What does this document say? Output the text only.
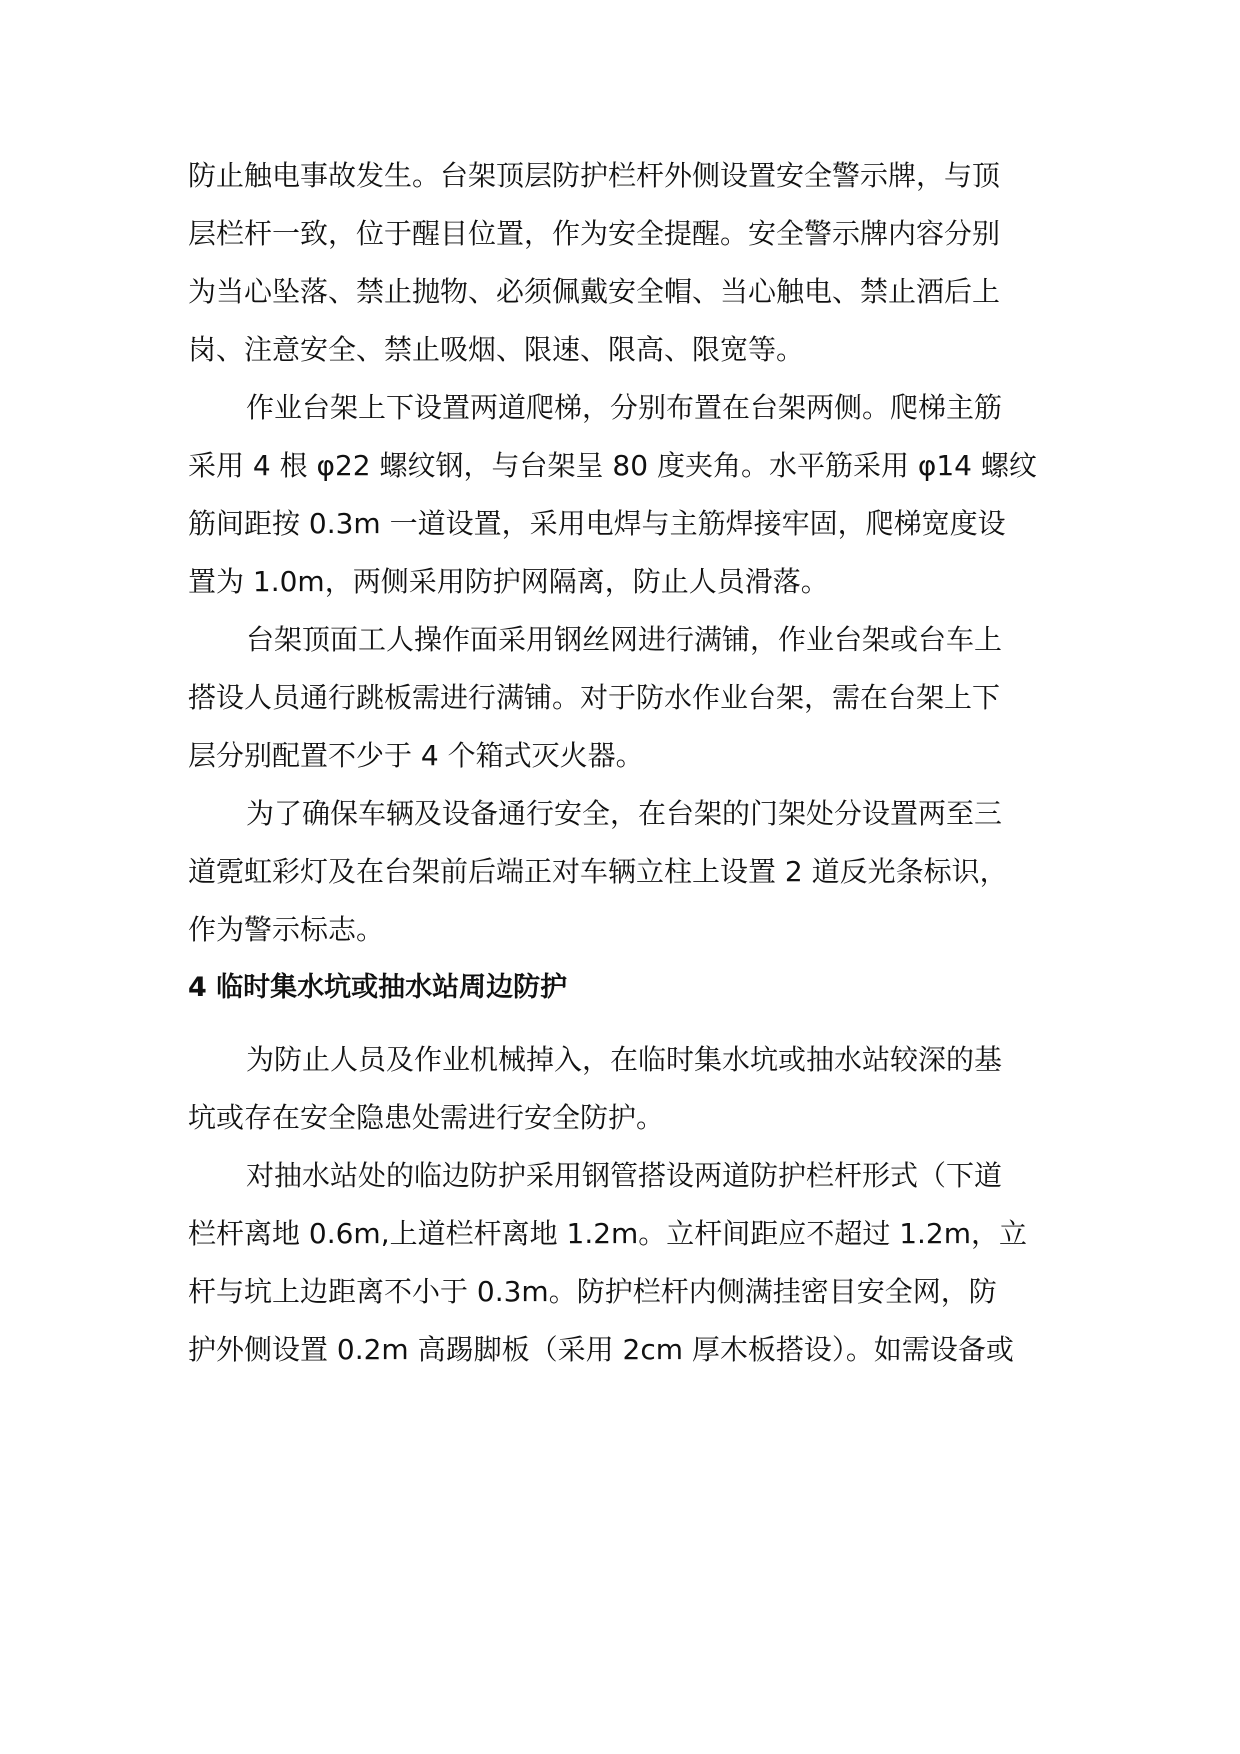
防止触电事故发生。台架顶层防护栏杆外侧设置安全警示牌，与顶
层栏杆一致，位于醒目位置，作为安全提醒。安全警示牌内容分别
为当心坠落、禁止抛物、必须佩戴安全帽、当心触电、禁止酒后上
岗、注意安全、禁止吸烟、限速、限高、限宽等。
作业台架上下设置两道爬梯，分别布置在台架两侧。爬梯主筋
采用 4 根 φ22 螺纹钢，与台架呈 80 度夹角。水平筋采用 φ14 螺纹
筋间距按 0.3m 一道设置，采用电焊与主筋焊接牢固，爬梯宽度设
置为 1.0m，两侧采用防护网隔离，防止人员滑落。
台架顶面工人操作面采用钢丝网进行满铺，作业台架或台车上
搭设人员通行跳板需进行满铺。对于防水作业台架，需在台架上下
层分别配置不少于 4 个箱式灭火器。
为了确保车辆及设备通行安全，在台架的门架处分设置两至三
道霓虹彩灯及在台架前后端正对车辆立柱上设置 2 道反光条标识，
作为警示标志。
4 临时集水坑或抽水站周边防护
为防止人员及作业机械掉入，在临时集水坑或抽水站较深的基
坑或存在安全隐患处需进行安全防护。
对抽水站处的临边防护采用钢管搭设两道防护栏杆形式（下道
栏杆离地 0.6m,上道栏杆离地 1.2m。立杆间距应不超过 1.2m，立
杆与坑上边距离不小于 0.3m。防护栏杆内侧满挂密目安全网，防
护外侧设置 0.2m 高踢脚板（采用 2cm 厚木板搭设）。如需设备或
